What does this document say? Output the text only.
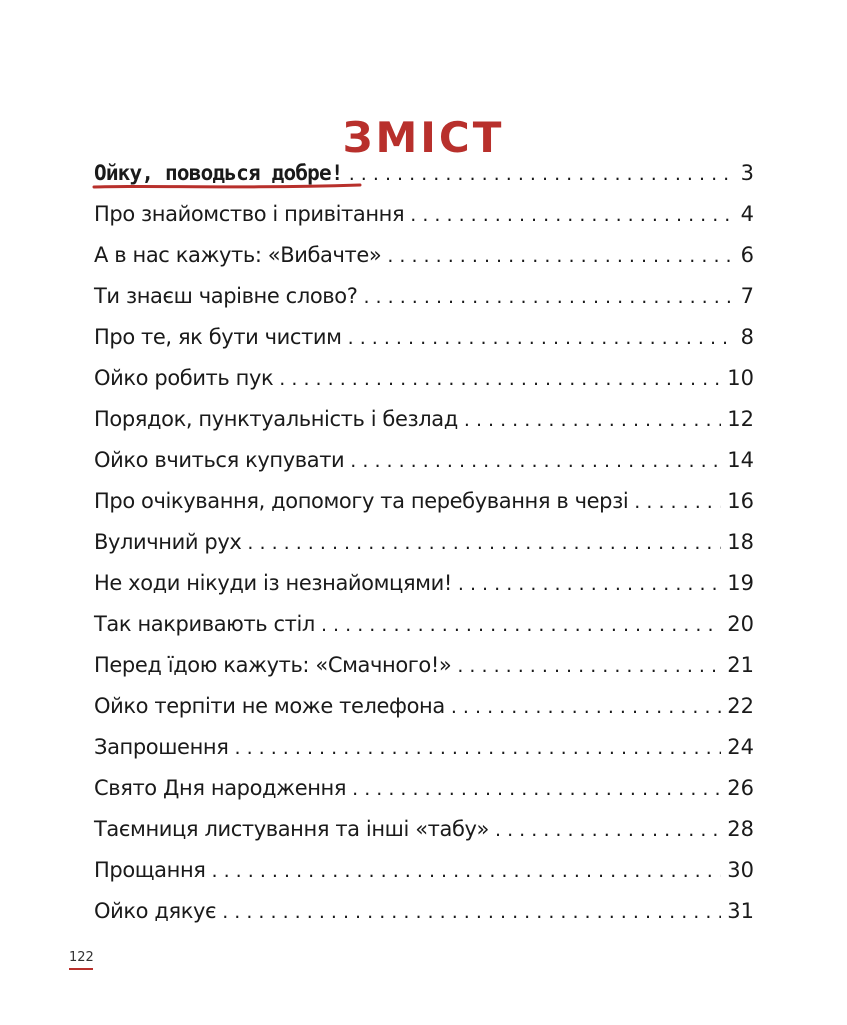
ЗМІСТ
Ойку, поводься добре! . . .	3
Про знайомство і привітання . . .	4
А в нас кажуть: «Вибачте» . . .	6
Ти знаєш чарівне слово? . . .	7
Про те, як бути чистим . . .	8
Ойко робить пук . . .	10
Порядок, пунктуальність і безлад . . .	12
Ойко вчиться купувати . . .	14
Про очікування, допомогу та перебування в черзі . . .	16
Вуличний рух . . .	18
Не ходи нікуди із незнайомцями! . . .	19
Так накривають стіл . . .	20
Перед їдою кажуть: «Смачного!» . . .	21
Ойко терпіти не може телефона . . .	22
Запрошення . . .	24
Свято Дня народження . . .	26
Таємниця листування та інші «табу» . . .	28
Прощання . . .	30
Ойко дякує . . .	31
122
